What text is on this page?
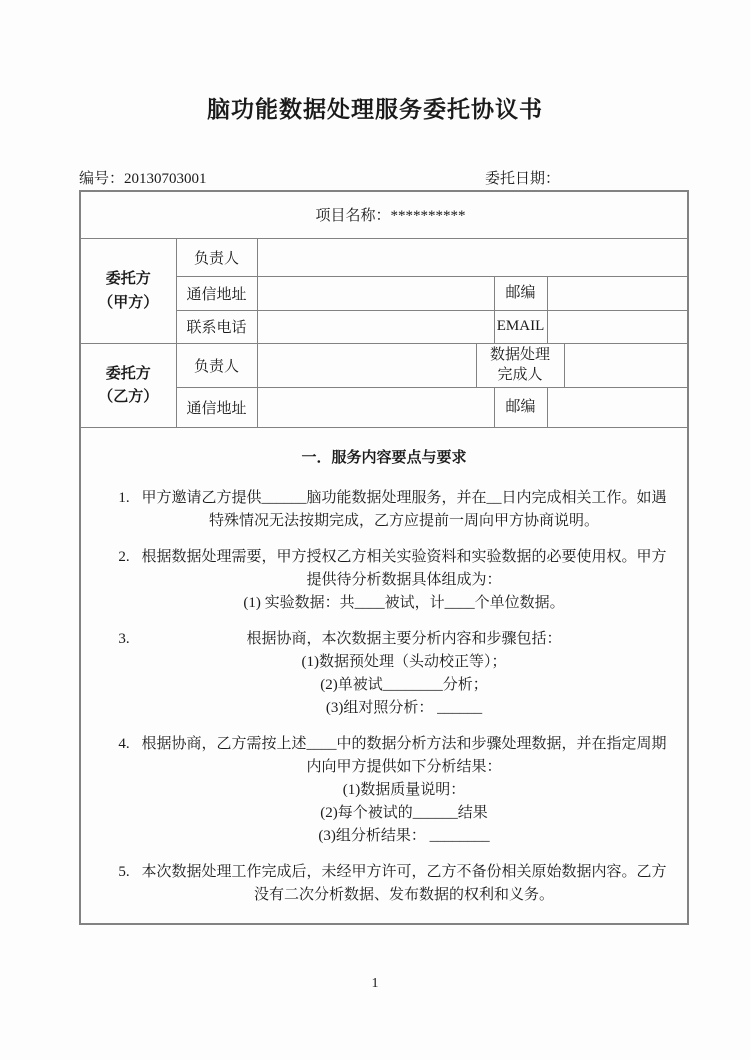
脑功能数据处理服务委托协议书
编号：20130703001	委托日期：
项目名称：**********						
委托方
（甲方）	负责人					
	通信地址			邮编		
	联系电话			EMAIL		
委托方
（乙方）	负责人		数据处理
完成人			
	通信地址			邮编		

一．服务内容要点与要求
1. 甲方邀请乙方提供______脑功能数据处理服务，并在__日内完成相关工作。如遇特殊情况无法按期完成，乙方应提前一周向甲方协商说明。
2. 根据数据处理需要，甲方授权乙方相关实验资料和实验数据的必要使用权。甲方提供待分析数据具体组成为：
(1) 实验数据：共____被试，计____个单位数据。
3.	根据协商，本次数据主要分析内容和步骤包括：
(1)数据预处理（头动校正等）；
(2)单被试________分析；
(3)组对照分析： ______
4. 根据协商，乙方需按上述____中的数据分析方法和步骤处理数据，并在指定周期内向甲方提供如下分析结果：
(1)数据质量说明：
(2)每个被试的______结果
(3)组分析结果： ________
5. 本次数据处理工作完成后，未经甲方许可，乙方不备份相关原始数据内容。乙方没有二次分析数据、发布数据的权利和义务。
1
